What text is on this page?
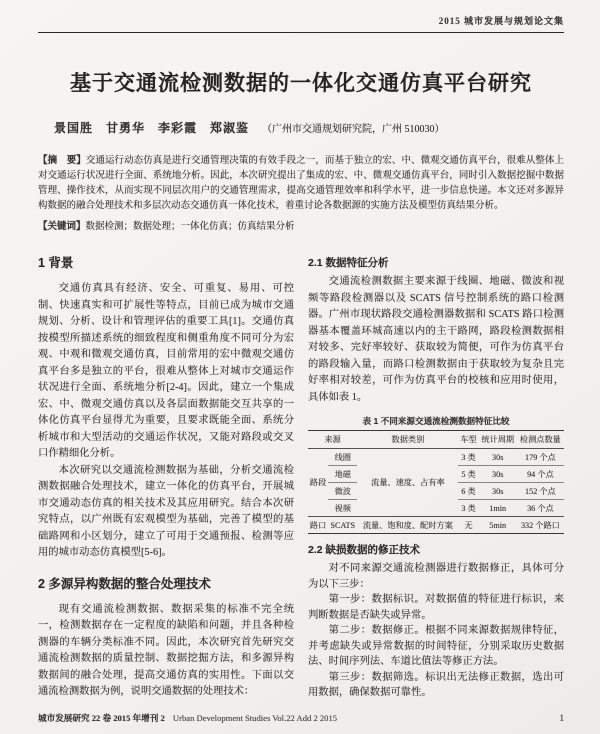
2015 城市发展与规划论文集
基于交通流检测数据的一体化交通仿真平台研究
景国胜　甘勇华　李彩霞　郑淑鉴 （广州市交通规划研究院，广州 510030）
【摘　要】交通运行动态仿真是进行交通管理决策的有效手段之一，而基于独立的宏、中、微观交通仿真平台，很难从整体上对交通运行状况进行全面、系统地分析。因此，本次研究提出了集成的宏、中、微观交通仿真平台，同时引入数据挖掘中数据管理、操作技术，从而实现不同层次用户的交通管理需求，提高交通管理效率和科学水平，进一步信息快递。本文还对多源异构数据的融合处理技术和多层次动态交通仿真一体化技术，着重讨论各数据源的实施方法及模型仿真结果分析。
【关键词】数据检测；数据处理；一体化仿真；仿真结果分析
1 背景

交通仿真具有经济、安全、可重复、易用、可控制、快速真实和可扩展性等特点，目前已成为城市交通规划、分析、设计和管理评估的重要工具[1]。交通仿真按模型所描述系统的细致程度和侧重角度不同可分为宏观、中观和微观交通仿真，目前常用的宏中微观交通仿真平台多是独立的平台，很难从整体上对城市交通运作状况进行全面、系统地分析[2-4]。因此，建立一个集成宏、中、微观交通仿真以及各层面数据能交互共享的一体化仿真平台显得尤为重要，且要求既能全面、系统分析城市和大型活动的交通运作状况，又能对路段或交叉口作精细化分析。

本次研究以交通流检测数据为基础，分析交通流检测数据融合处理技术，建立一体化的仿真平台，开展城市交通动态仿真的相关技术及其应用研究。结合本次研究特点，以广州既有宏观模型为基础，完善了模型的基础路网和小区划分，建立了可用于交通预报、检测等应用的城市动态仿真模型[5-6]。

2 多源异构数据的整合处理技术

现有交通流检测数据、数据采集的标准不完全统一，检测数据存在一定程度的缺陷和问题，并且各种检测器的车辆分类标准不同。因此，本次研究首先研究交通流检测数据的质量控制、数据挖掘方法，和多源异构数据间的融合处理，提高交通仿真的实用性。下面以交通流检测数据为例，说明交通数据的处理技术：

2.1 数据特征分析

交通流检测数据主要来源于线圈、地磁、微波和视频等路段检测器以及 SCATS 信号控制系统的路口检测器。广州市现状路段交通检测器数据和 SCATS 路口检测器基本覆盖环城高速以内的主干路网，路段检测数据相对较多、完好率较好、获取较为简便，可作为仿真平台的路段输入量，而路口检测数据由于获取较为复杂且完好率相对较差，可作为仿真平台的校核和应用时使用，具体如表 1。

表 1 不同来源交通流检测数据特征比较
来源		数据类别	车型	统计周期	检测点数量
路段	线圈	流量、速度、占有率	3 类	30s	179 个点
	地磁		5 类	30s	94 个点
	微波		6 类	30s	152 个点
	视频		3 类	1min	36 个点
路口	SCATS	流量、饱和度、配时方案	无	5min	332 个路口
2.2 缺损数据的修正技术

对不同来源交通流检测器进行数据修正，具体可分为以下三步：

第一步：数据标识。对数据值的特征进行标识，来判断数据是否缺失或异常。

第二步：数据修正。根据不同来源数据规律特征，并考虑缺失或异常数据的时间特征，分别采取历史数据法、时间序列法、车道比值法等修正方法。

第三步：数据筛选。标识出无法修正数据，选出可用数据，确保数据可靠性。

城市发展研究 22 卷 2015 年增刊 2 Urban Development Studies Vol.22 Add 2 2015	1
